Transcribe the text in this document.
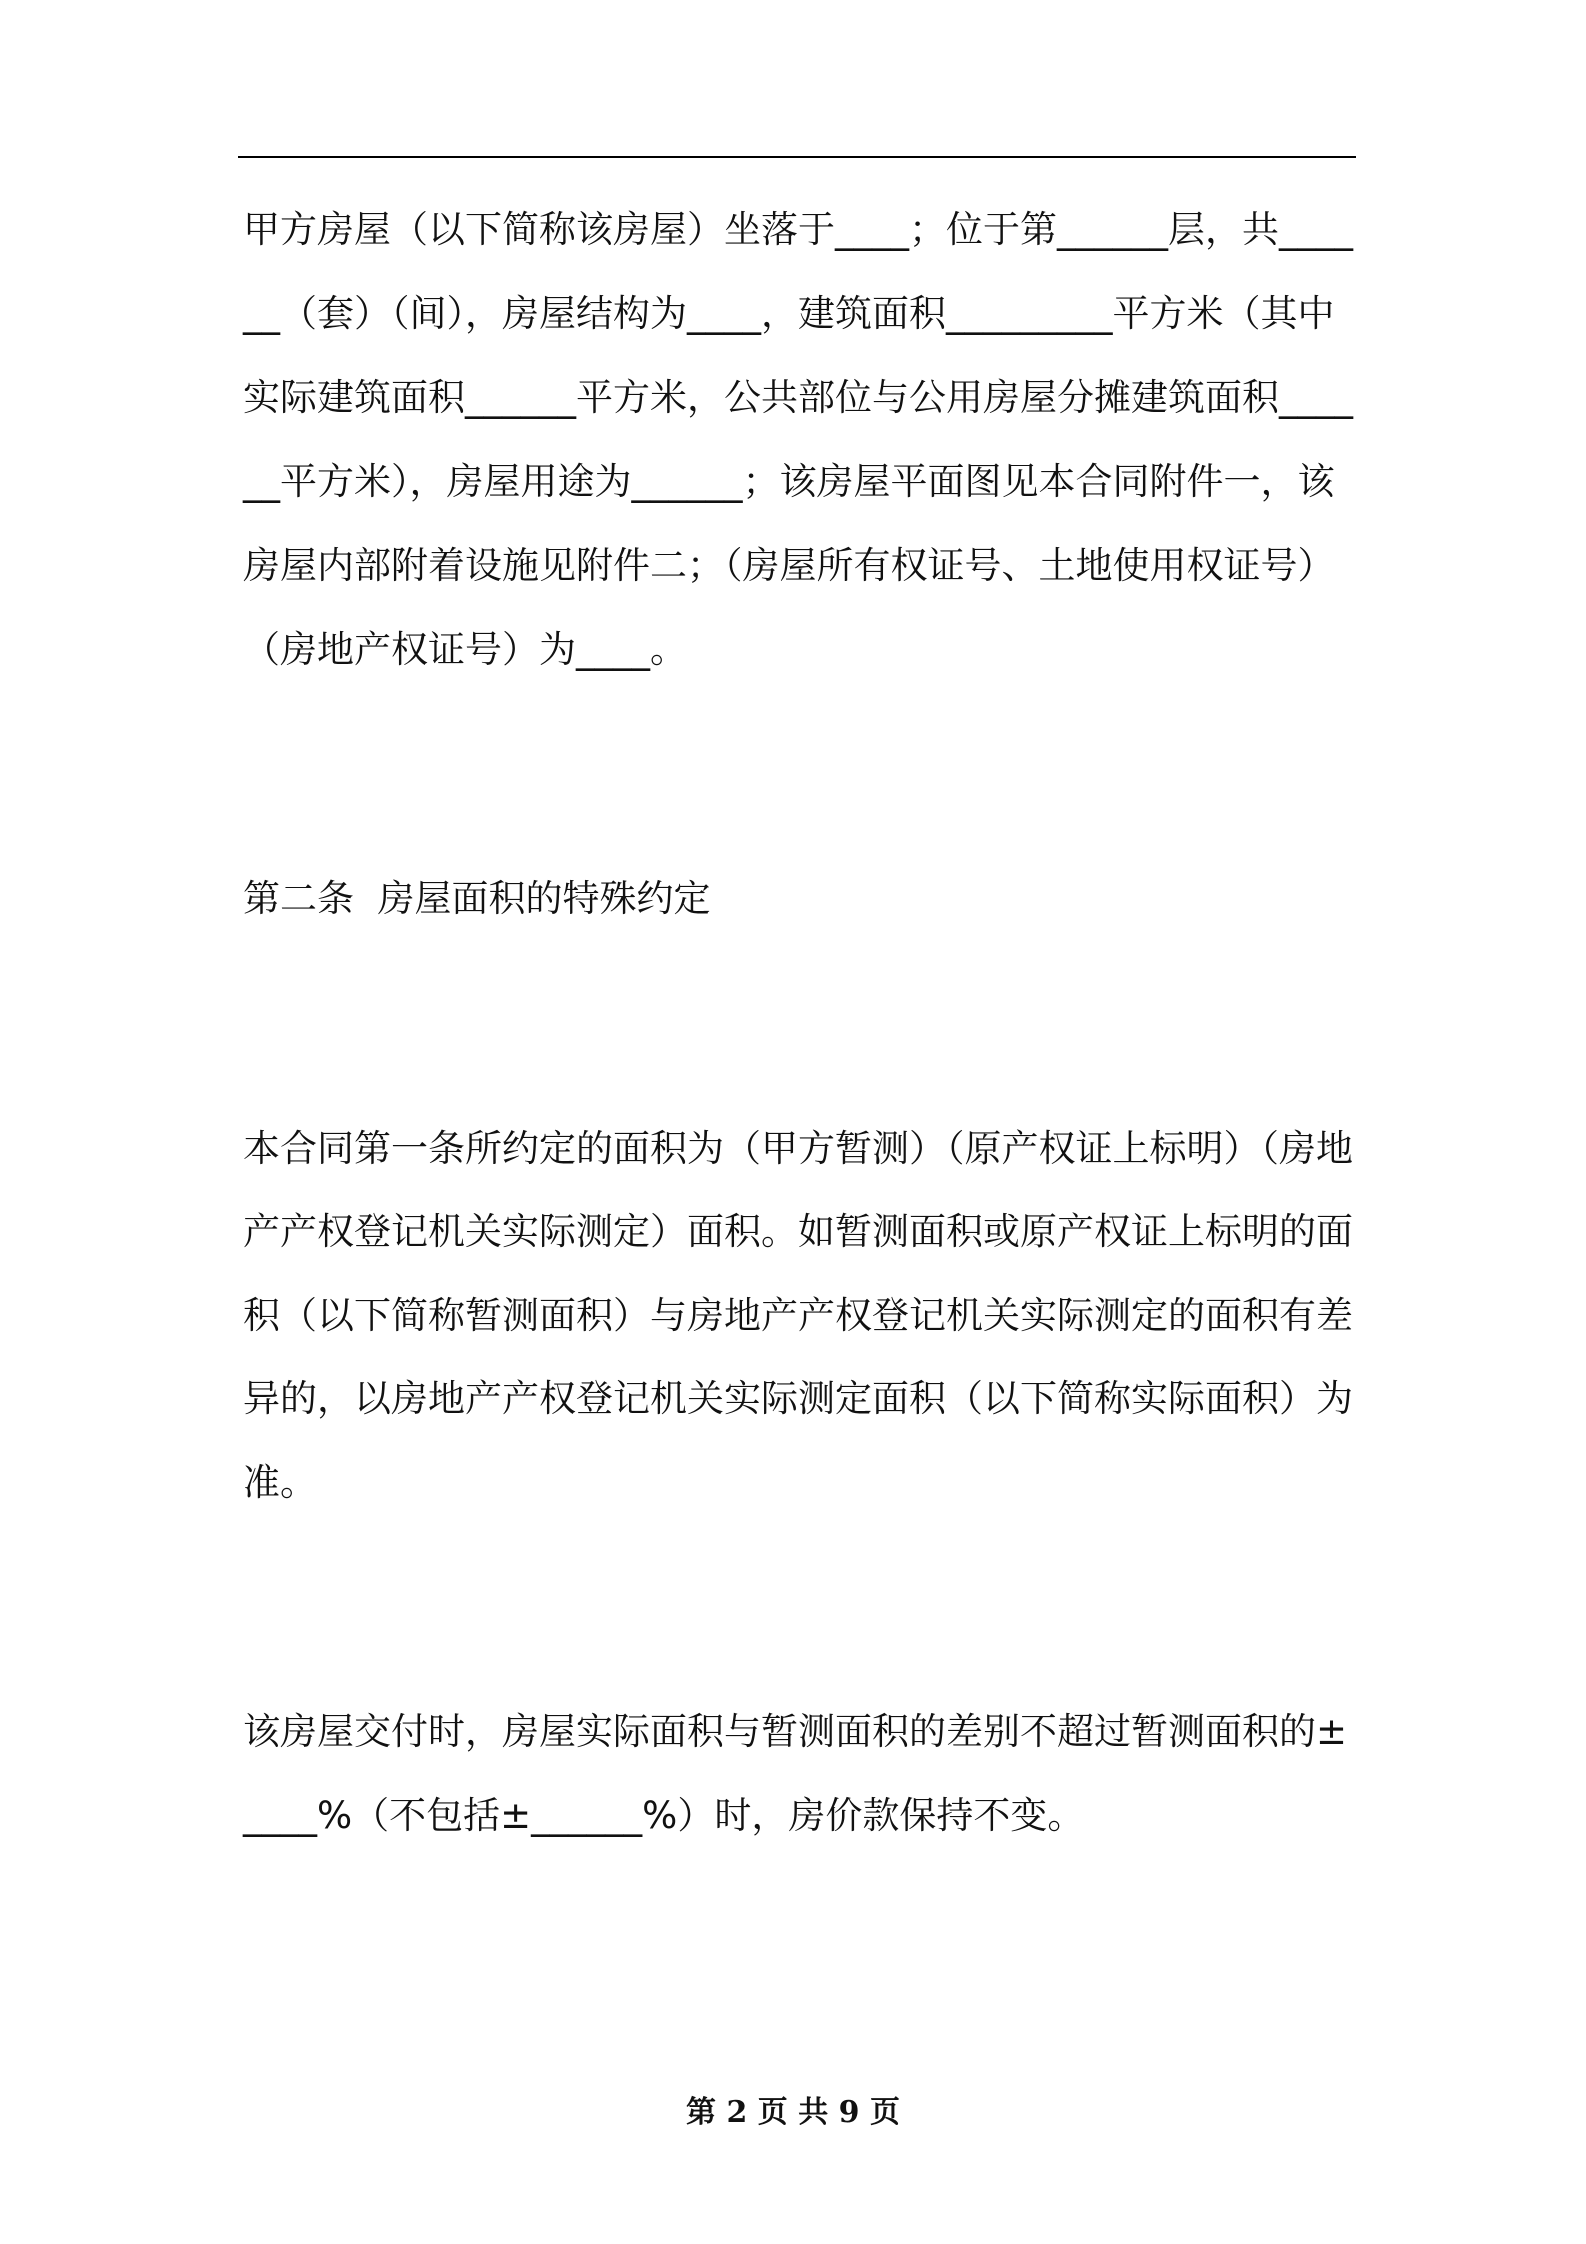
甲方房屋（以下简称该房屋）坐落于____；位于第______层，共____

__（套）（间），房屋结构为____，建筑面积_________平方米（其中

实际建筑面积______平方米，公共部位与公用房屋分摊建筑面积____

__平方米），房屋用途为______；该房屋平面图见本合同附件一，该

房屋内部附着设施见附件二；（房屋所有权证号、土地使用权证号）

（房地产权证号）为____。

第二条  房屋面积的特殊约定

本合同第一条所约定的面积为（甲方暂测）（原产权证上标明）（房地

产产权登记机关实际测定）面积。如暂测面积或原产权证上标明的面

积（以下简称暂测面积）与房地产产权登记机关实际测定的面积有差

异的，以房地产产权登记机关实际测定面积（以下简称实际面积）为

准。

该房屋交付时，房屋实际面积与暂测面积的差别不超过暂测面积的±

____%（不包括±______%）时，房价款保持不变。

第 2 页 共 9 页
